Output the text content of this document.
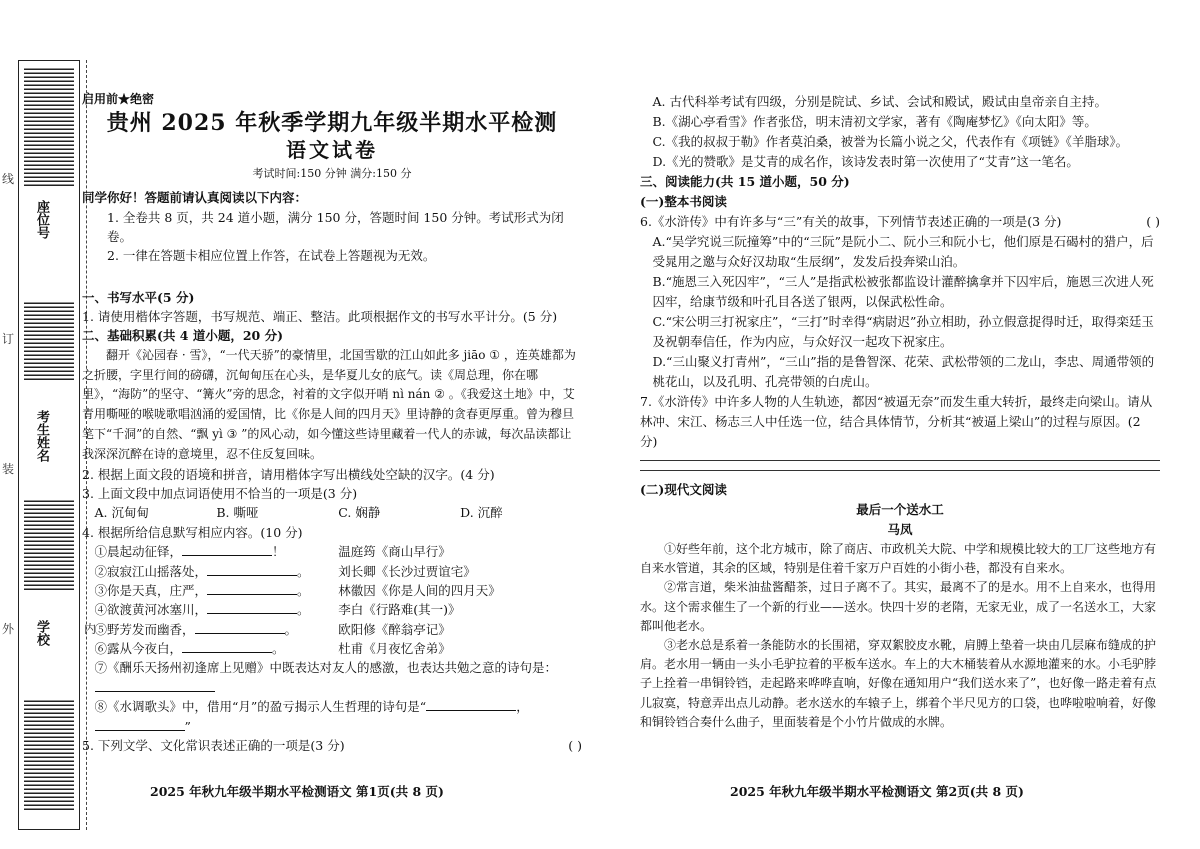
座位号
考生姓名
学校
线
订
装
外	内

启用前★绝密

贵州 2025 年秋季学期九年级半期水平检测

语文试卷

考试时间:150 分钟 满分:150 分

同学你好！答题前请认真阅读以下内容：

1. 全卷共 8 页，共 24 道小题，满分 150 分，答题时间 150 分钟。考试形式为闭卷。

2. 一律在答题卡相应位置上作答，在试卷上答题视为无效。

一、书写水平(5 分)

1. 请使用楷体字答题，书写规范、端正、整洁。此项根据作文的书写水平计分。(5 分)

二、基础积累(共 4 道小题，20 分)

翻开《沁园春 · 雪》，“一代天骄”的豪情里，北国雪歇的江山如此多 jiāo ① ，连英雄都为之折腰，字里行间的磅礴，沉甸甸压在心头，是华夏儿女的底气。读《周总理，你在哪里》，“海防”的坚守、“篝火”旁的思念，衬着的文字似开哨 nì nán ② 。《我爱这土地》中，艾青用嘶哑的喉咙歌唱汹涌的爱国情，比《你是人间的四月天》里诗静的贪春更厚重。曾为穆旦笔下“千洞”的自然、“飘 yì ③ ”的风心动，如今懂这些诗里藏着一代人的赤诚，每次品读都让我深深沉醉在诗的意境里，忍不住反复回味。

2. 根据上面文段的语境和拼音，请用楷体字写出横线处空缺的汉字。(4 分)

3. 上面文段中加点词语使用不恰当的一项是(3 分)

A. 沉甸甸	B. 嘶哑	C. 娴静	D. 沉醉

4. 根据所给信息默写相应内容。(10 分)

①晨起动征铎，	！	温庭筠《商山早行》
②寂寂江山摇落处，	。	刘长卿《长沙过贾谊宅》
③你是天真，庄严，	。	林徽因《你是人间的四月天》
④欲渡黄河冰塞川，	。	李白《行路难(其一)》
⑤野芳发而幽香，	。	欧阳修《醉翁亭记》
⑥露从今夜白，	。	杜甫《月夜忆舍弟》

⑦《酬乐天扬州初逢席上见赠》中既表达对友人的感激，也表达共勉之意的诗句是：

⑧《水调歌头》中，借用“月”的盈亏揭示人生哲理的诗句是“	，”

5. 下列文学、文化常识表述正确的一项是(3 分)	( )

2025 年秋九年级半期水平检测语文 第1页(共 8 页)

A. 古代科举考试有四级，分别是院试、乡试、会试和殿试，殿试由皇帝亲自主持。

B.《湖心亭看雪》作者张岱，明末清初文学家，著有《陶庵梦忆》《向太阳》等。

C.《我的叔叔于勒》作者莫泊桑，被誉为长篇小说之父，代表作有《项链》《羊脂球》。

D.《光的赞歌》是艾青的成名作，该诗发表时第一次使用了“艾青”这一笔名。

三、阅读能力(共 15 道小题，50 分)

(一)整本书阅读

6.《水浒传》中有许多与“三”有关的故事，下列情节表述正确的一项是(3 分)	( )

A.“吴学究说三阮撞筹”中的“三阮”是阮小二、阮小三和阮小七，他们原是石碣村的猎户，后受晁用之邀与众好汉劫取“生辰纲”，发发后投奔梁山泊。

B.“施恩三入死囚牢”，“三人”是指武松被张都监设计灌醉擒拿并下囚牢后，施恩三次进人死囚牢，给康节级和叶孔目各送了银两，以保武松性命。

C.“宋公明三打祝家庄”，“三打”时幸得“病尉迟”孙立相助，孙立假意捉得时迁，取得栾廷玉及祝朝奉信任，作为内应，与众好汉一起攻下祝家庄。

D.“三山聚义打青州”，“三山”指的是鲁智深、花荣、武松带领的二龙山，李忠、周通带领的桃花山，以及孔明、孔亮带领的白虎山。

7.《水浒传》中许多人物的人生轨迹，都因“被逼无奈”而发生重大转折，最终走向梁山。请从林冲、宋江、杨志三人中任选一位，结合具体情节，分析其“被逼上梁山”的过程与原因。(2 分)

(二)现代文阅读

最后一个送水工

马凤

①好些年前，这个北方城市，除了商店、市政机关大院、中学和规模比较大的工厂这些地方有自来水管道，其余的区域，特别是住着千家万户百姓的小街小巷，都没有自来水。

②常言道，柴米油盐酱醋茶，过日子离不了。其实，最离不了的是水。用不上自来水，也得用水。这个需求催生了一个新的行业——送水。快四十岁的老隋，无家无业，成了一名送水工，大家都叫他老水。

③老水总是系着一条能防水的长围裙，穿双絮胶皮水靴，肩膊上垫着一块由几层麻布缝成的护肩。老水用一辆由一头小毛驴拉着的平板车送水。车上的大木桶装着从水源地灌来的水。小毛驴脖子上拴着一串铜铃铛，走起路来哗哗直响，好像在通知用户“我们送水来了”，也好像一路走着有点儿寂寞，特意弄出点儿动静。老水送水的车辕子上，绑着个半尺见方的口袋，也哗啦啦响着，好像和铜铃铛合奏什么曲子，里面装着是个小竹片做成的水牌。

2025 年秋九年级半期水平检测语文 第2页(共 8 页)
